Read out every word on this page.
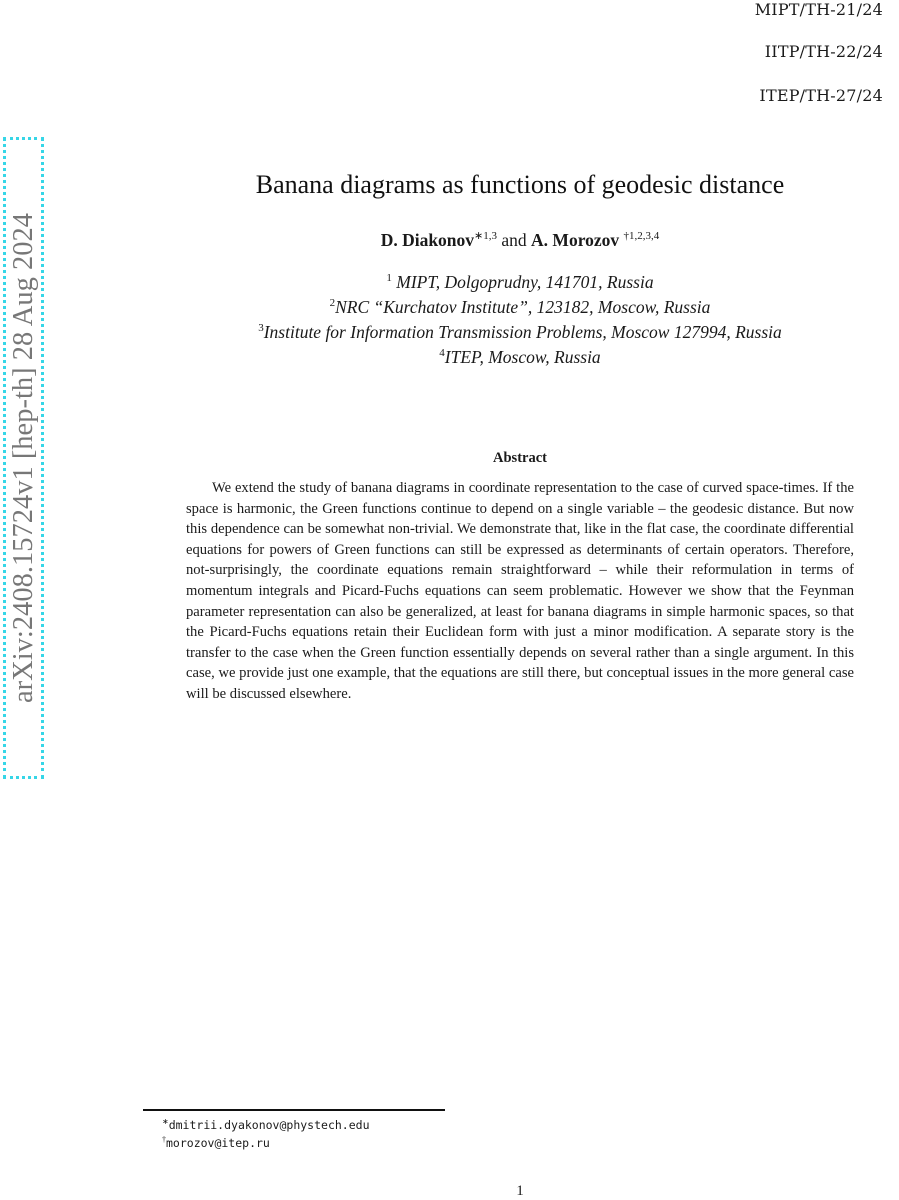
MIPT/TH-21/24
IITP/TH-22/24
ITEP/TH-27/24
arXiv:2408.15724v1 [hep-th] 28 Aug 2024
Banana diagrams as functions of geodesic distance
D. Diakonov$^{∗1,3}$ and A. Morozov $^{\dagger 1,2,3,4}$
$^1$ MIPT, Dolgoprudny, 141701, Russia
$^2$NRC “Kurchatov Institute”, 123182, Moscow, Russia
$^3$Institute for Information Transmission Problems, Moscow 127994, Russia
$^4$ITEP, Moscow, Russia
Abstract

We extend the study of banana diagrams in coordinate representation to the case of curved space-times. If the space is harmonic, the Green functions continue to depend on a single variable – the geodesic distance. But now this dependence can be somewhat non-trivial. We demonstrate that, like in the flat case, the coordinate differential equations for powers of Green functions can still be expressed as determinants of certain operators. Therefore, not-surprisingly, the coordinate equations remain straightforward – while their reformulation in terms of momentum integrals and Picard-Fuchs equations can seem problematic. However we show that the Feynman parameter representation can also be generalized, at least for banana diagrams in simple harmonic spaces, so that the Picard-Fuchs equations retain their Euclidean form with just a minor modification. A separate story is the transfer to the case when the Green function essentially depends on several rather than a single argument. In this case, we provide just one example, that the equations are still there, but conceptual issues in the more general case will be discussed elsewhere.

∗dmitrii.dyakonov@phystech.edu
†morozov@itep.ru
1
